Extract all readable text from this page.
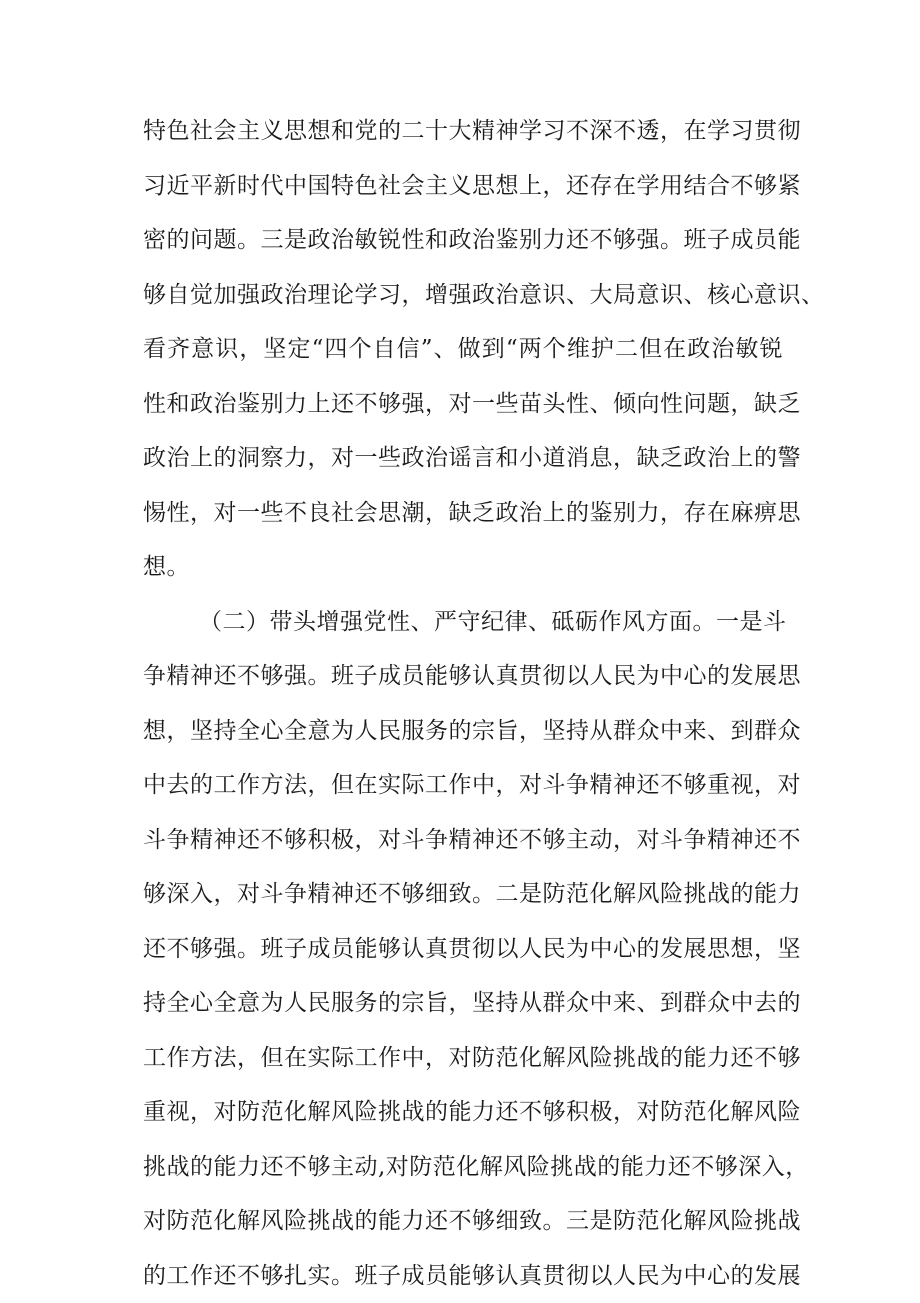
特色社会主义思想和党的二十大精神学习不深不透，在学习贯彻
习近平新时代中国特色社会主义思想上，还存在学用结合不够紧
密的问题。三是政治敏锐性和政治鉴别力还不够强。班子成员能
够自觉加强政治理论学习，增强政治意识、大局意识、核心意识、
看齐意识，坚定“四个自信”、做到“两个维护二但在政治敏锐
性和政治鉴别力上还不够强，对一些苗头性、倾向性问题，缺乏
政治上的洞察力，对一些政治谣言和小道消息，缺乏政治上的警
惕性，对一些不良社会思潮，缺乏政治上的鉴别力，存在麻痹思
想。
（二）带头增强党性、严守纪律、砥砺作风方面。一是斗
争精神还不够强。班子成员能够认真贯彻以人民为中心的发展思
想，坚持全心全意为人民服务的宗旨，坚持从群众中来、到群众
中去的工作方法，但在实际工作中，对斗争精神还不够重视，对
斗争精神还不够积极，对斗争精神还不够主动，对斗争精神还不
够深入，对斗争精神还不够细致。二是防范化解风险挑战的能力
还不够强。班子成员能够认真贯彻以人民为中心的发展思想，坚
持全心全意为人民服务的宗旨，坚持从群众中来、到群众中去的
工作方法，但在实际工作中，对防范化解风险挑战的能力还不够
重视，对防范化解风险挑战的能力还不够积极，对防范化解风险
挑战的能力还不够主动,对防范化解风险挑战的能力还不够深入，
对防范化解风险挑战的能力还不够细致。三是防范化解风险挑战
的工作还不够扎实。班子成员能够认真贯彻以人民为中心的发展
